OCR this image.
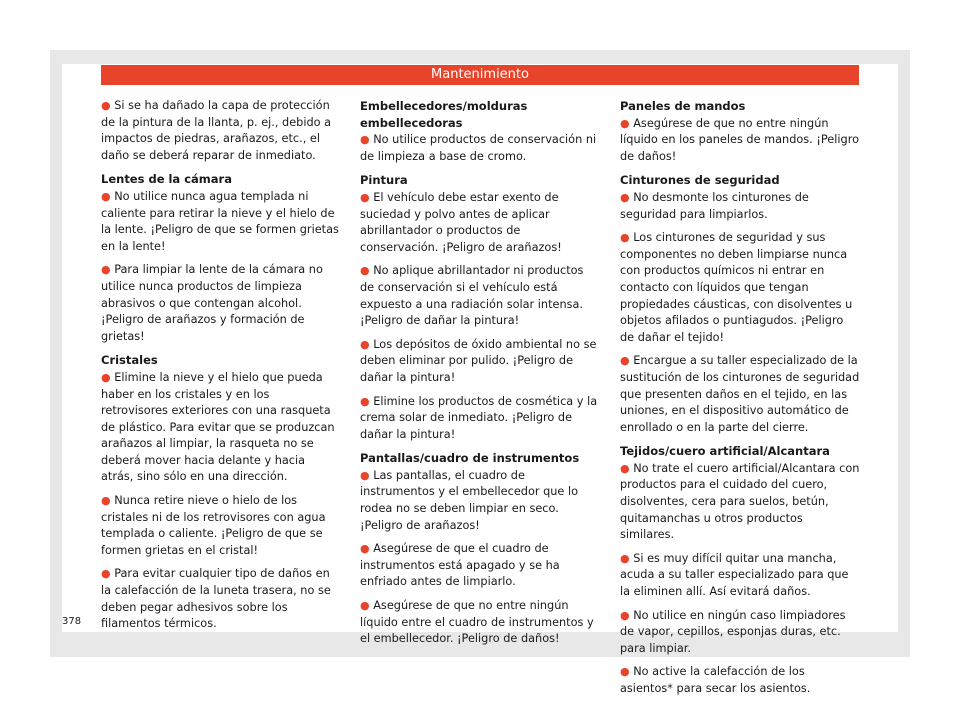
Mantenimiento

● Si se ha dañado la capa de protección de la pintura de la llanta, p. ej., debido a impactos de piedras, arañazos, etc., el daño se deberá reparar de inmediato.

Lentes de la cámara

● No utilice nunca agua templada ni caliente para retirar la nieve y el hielo de la lente. ¡Peligro de que se formen grietas en la lente!

● Para limpiar la lente de la cámara no utilice nunca productos de limpieza abrasivos o que contengan alcohol. ¡Peligro de arañazos y formación de grietas!

Cristales

● Elimine la nieve y el hielo que pueda haber en los cristales y en los retrovisores exteriores con una rasqueta de plástico. Para evitar que se produzcan arañazos al limpiar, la rasqueta no se deberá mover hacia delante y hacia atrás, sino sólo en una dirección.

● Nunca retire nieve o hielo de los cristales ni de los retrovisores con agua templada o caliente. ¡Peligro de que se formen grietas en el cristal!

● Para evitar cualquier tipo de daños en la calefacción de la luneta trasera, no se deben pegar adhesivos sobre los filamentos térmicos.

Embellecedores/molduras embellecedoras

● No utilice productos de conservación ni de limpieza a base de cromo.

Pintura

● El vehículo debe estar exento de suciedad y polvo antes de aplicar abrillantador o productos de conservación. ¡Peligro de arañazos!

● No aplique abrillantador ni productos de conservación si el vehículo está expuesto a una radiación solar intensa. ¡Peligro de dañar la pintura!

● Los depósitos de óxido ambiental no se deben eliminar por pulido. ¡Peligro de dañar la pintura!

● Elimine los productos de cosmética y la crema solar de inmediato. ¡Peligro de dañar la pintura!

Pantallas/cuadro de instrumentos

● Las pantallas, el cuadro de instrumentos y el embellecedor que lo rodea no se deben limpiar en seco. ¡Peligro de arañazos!

● Asegúrese de que el cuadro de instrumentos está apagado y se ha enfriado antes de limpiarlo.

● Asegúrese de que no entre ningún líquido entre el cuadro de instrumentos y el embellecedor. ¡Peligro de daños!

Paneles de mandos

● Asegúrese de que no entre ningún líquido en los paneles de mandos. ¡Peligro de daños!

Cinturones de seguridad

● No desmonte los cinturones de seguridad para limpiarlos.

● Los cinturones de seguridad y sus componentes no deben limpiarse nunca con productos químicos ni entrar en contacto con líquidos que tengan propiedades cáusticas, con disolventes u objetos afilados o puntiagudos. ¡Peligro de dañar el tejido!

● Encargue a su taller especializado de la sustitución de los cinturones de seguridad que presenten daños en el tejido, en las uniones, en el dispositivo automático de enrollado o en la parte del cierre.

Tejidos/cuero artificial/Alcantara

● No trate el cuero artificial/Alcantara con productos para el cuidado del cuero, disolventes, cera para suelos, betún, quitamanchas u otros productos similares.

● Si es muy difícil quitar una mancha, acuda a su taller especializado para que la eliminen allí. Así evitará daños.

● No utilice en ningún caso limpiadores de vapor, cepillos, esponjas duras, etc. para limpiar.

● No active la calefacción de los asientos* para secar los asientos.

378
